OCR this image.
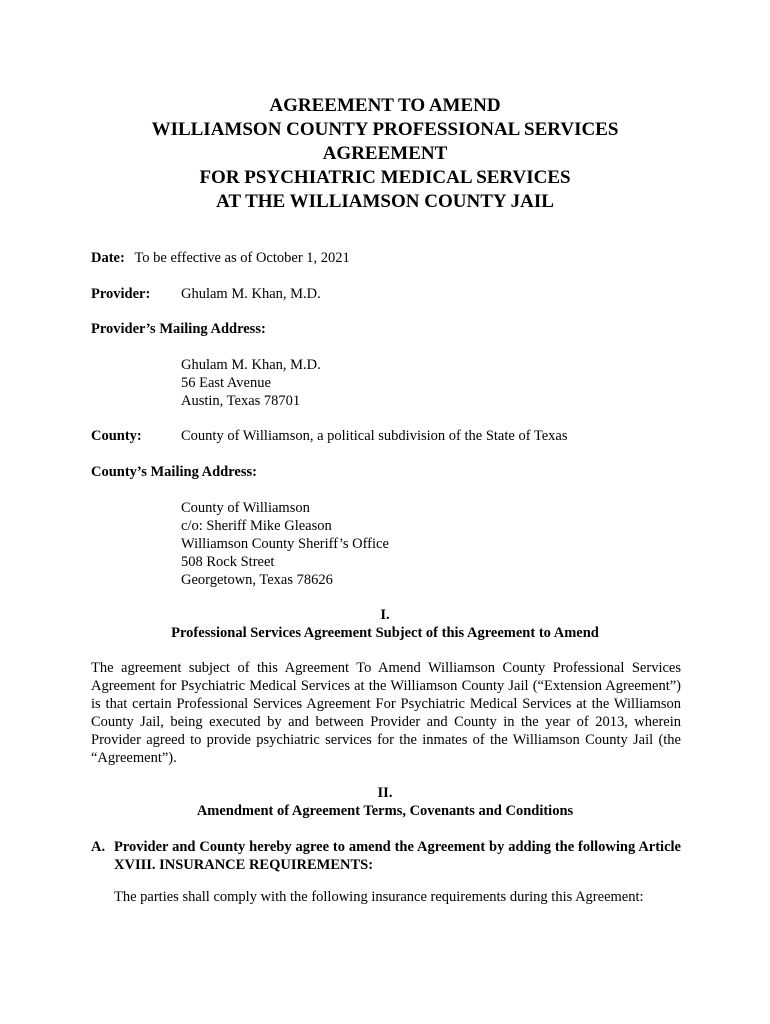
AGREEMENT TO AMEND
WILLIAMSON COUNTY PROFESSIONAL SERVICES
AGREEMENT
FOR PSYCHIATRIC MEDICAL SERVICES
AT THE WILLIAMSON COUNTY JAIL
Date: To be effective as of October 1, 2021
Provider: Ghulam M. Khan, M.D.
Provider’s Mailing Address:
Ghulam M. Khan, M.D.
56 East Avenue
Austin, Texas 78701
County:	County of Williamson, a political subdivision of the State of Texas
County’s Mailing Address:
County of Williamson
c/o: Sheriff Mike Gleason
Williamson County Sheriff’s Office
508 Rock Street
Georgetown, Texas 78626
I.
Professional Services Agreement Subject of this Agreement to Amend
The agreement subject of this Agreement To Amend Williamson County Professional Services Agreement for Psychiatric Medical Services at the Williamson County Jail (“Extension Agreement”) is that certain Professional Services Agreement For Psychiatric Medical Services at the Williamson County Jail, being executed by and between Provider and County in the year of 2013, wherein Provider agreed to provide psychiatric services for the inmates of the Williamson County Jail (the “Agreement”).
II.
Amendment of Agreement Terms, Covenants and Conditions
A. Provider and County hereby agree to amend the Agreement by adding the following Article XVIII. INSURANCE REQUIREMENTS:
The parties shall comply with the following insurance requirements during this Agreement:
